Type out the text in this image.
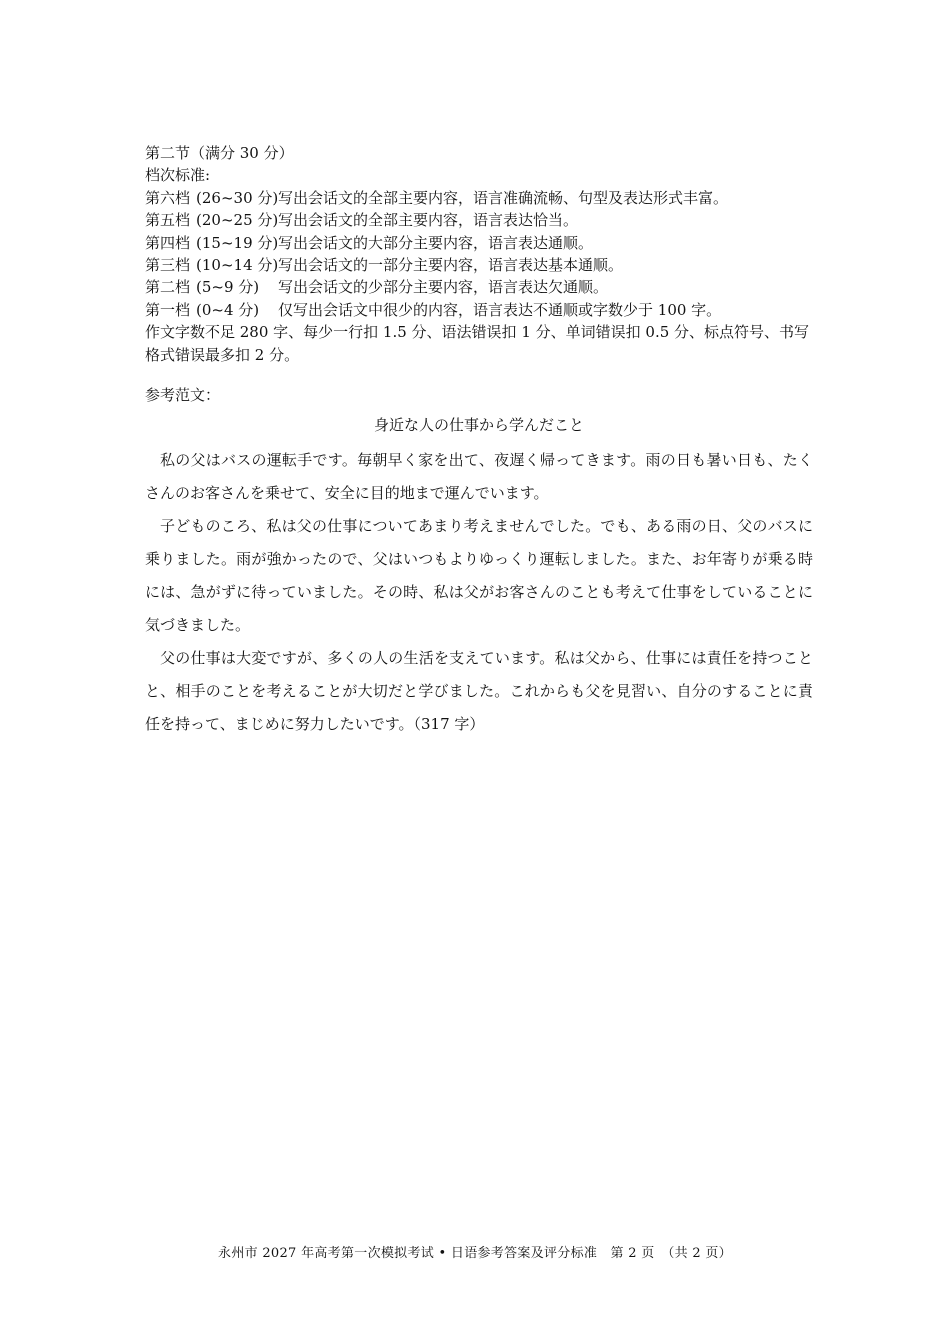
第二节（满分 30 分）
档次标准:
第六档 (26~30 分) 写出会话文的全部主要内容，语言准确流畅、句型及表达形式丰富。
第五档 (20~25 分) 写出会话文的全部主要内容，语言表达恰当。
第四档 (15~19 分) 写出会话文的大部分主要内容，语言表达通顺。
第三档 (10~14 分) 写出会话文的一部分主要内容，语言表达基本通顺。
第二档 (5~9 分)	写出会话文的少部分主要内容，语言表达欠通顺。
第一档 (0~4 分)	仅写出会话文中很少的内容，语言表达不通顺或字数少于 100 字。
作文字数不足 280 字、每少一行扣 1.5 分、语法错误扣 1 分、单词错误扣 0.5 分、标点符号、书写格式错误最多扣 2 分。
参考范文：
身近な人の仕事から学んだこと

私の父はバスの運転手です。毎朝早く家を出て、夜遅く帰ってきます。雨の日も暑い日も、たくさんのお客さんを乗せて、安全に目的地まで運んでいます。

子どものころ、私は父の仕事についてあまり考えませんでした。でも、ある雨の日、父のバスに乗りました。雨が強かったので、父はいつもよりゆっくり運転しました。また、お年寄りが乗る時には、急がずに待っていました。その時、私は父がお客さんのことも考えて仕事をしていることに気づきました。

父の仕事は大変ですが、多くの人の生活を支えています。私は父から、仕事には責任を持つことと、相手のことを考えることが大切だと学びました。これからも父を見習い、自分のすることに責任を持って、まじめに努力したいです。（317 字）

永州市 2027 年高考第一次模拟考试 • 日语参考答案及评分标准　第 2 页　（共 2 页）
